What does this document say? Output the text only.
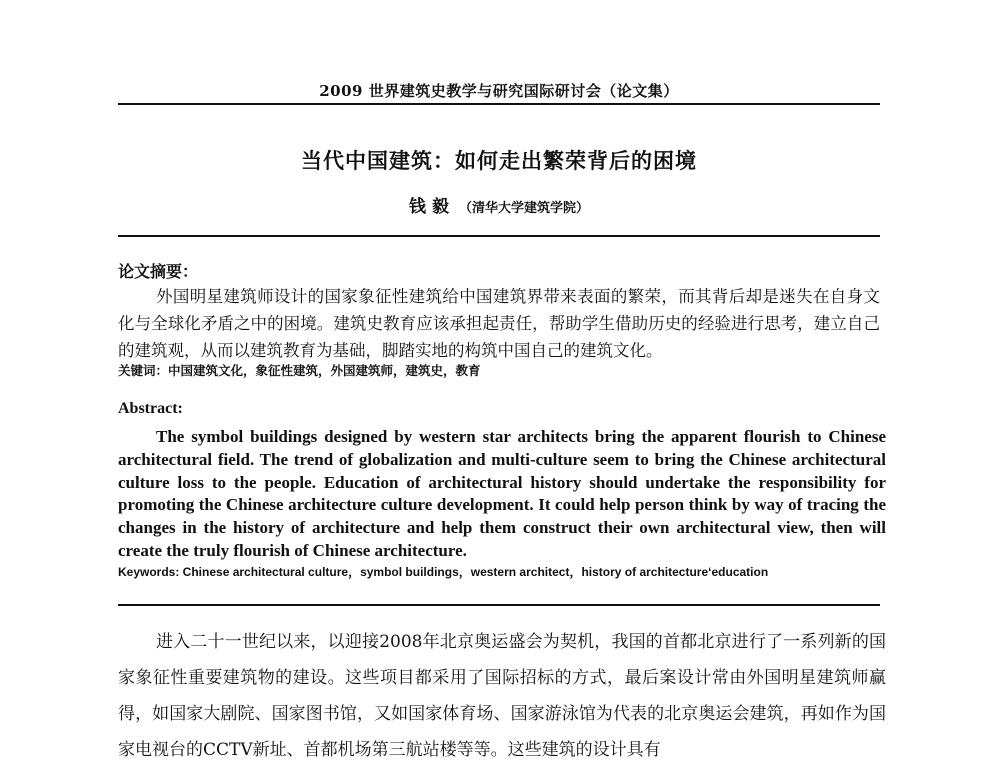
2009 世界建筑史教学与研究国际研讨会（论文集）
当代中国建筑：如何走出繁荣背后的困境
钱 毅 （清华大学建筑学院）
论文摘要：
外国明星建筑师设计的国家象征性建筑给中国建筑界带来表面的繁荣，而其背后却是迷失在自身文化与全球化矛盾之中的困境。建筑史教育应该承担起责任，帮助学生借助历史的经验进行思考，建立自己的建筑观，从而以建筑教育为基础，脚踏实地的构筑中国自己的建筑文化。
关键词：中国建筑文化，象征性建筑，外国建筑师，建筑史，教育
Abstract:
The symbol buildings designed by western star architects bring the apparent flourish to Chinese architectural field. The trend of globalization and multi-culture seem to bring the Chinese architectural culture loss to the people. Education of architectural history should undertake the responsibility for promoting the Chinese architecture culture development. It could help person think by way of tracing the changes in the history of architecture and help them construct their own architectural view, then will create the truly flourish of Chinese architecture.
Keywords: Chinese architectural culture，symbol buildings，western architect，history of architecture‘education
进入二十一世纪以来，以迎接2008年北京奥运盛会为契机，我国的首都北京进行了一系列新的国家象征性重要建筑物的建设。这些项目都采用了国际招标的方式，最后案设计常由外国明星建筑师赢得，如国家大剧院、国家图书馆，又如国家体育场、国家游泳馆为代表的北京奥运会建筑，再如作为国家电视台的CCTV新址、首都机场第三航站楼等等。这些建筑的设计具有
